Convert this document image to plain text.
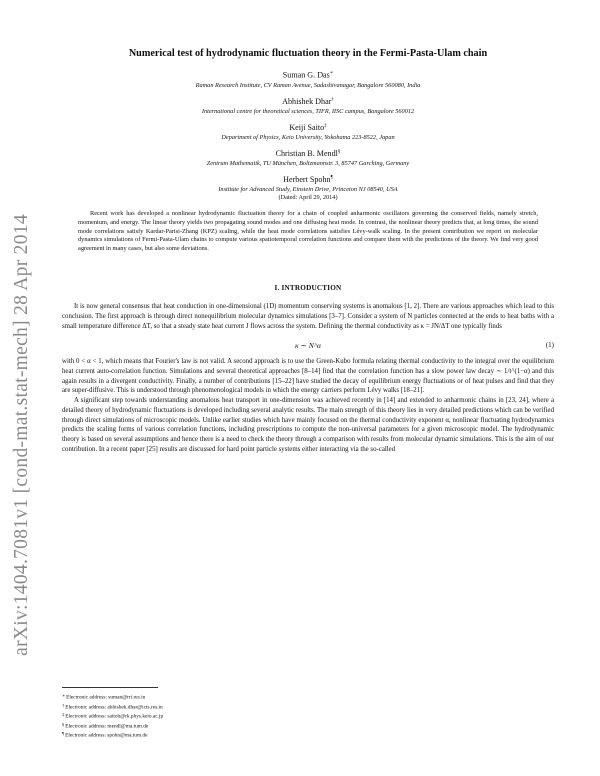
arXiv:1404.7081v1 [cond-mat.stat-mech] 28 Apr 2014
Numerical test of hydrodynamic fluctuation theory in the Fermi-Pasta-Ulam chain
Suman G. Das∗
Raman Research Institute, CV Raman Avenue, Sadashivanagar, Bangalore 560080, India
Abhishek Dhar†
International centre for theoretical sciences, TIFR, IISC campus, Bangalore 560012
Keiji Saito‡
Department of Physics, Keio University, Yokohama 223-8522, Japan
Christian B. Mendl§
Zentrum Mathematik, TU München, Boltzmannstr. 3, 85747 Garching, Germany
Herbert Spohn¶
Institute for Advanced Study, Einstein Drive, Princeton NJ 08540, USA
(Dated: April 29, 2014)

Recent work has developed a nonlinear hydrodynamic fluctuation theory for a chain of coupled anharmonic oscillators governing the conserved fields, namely stretch, momentum, and energy. The linear theory yields two propagating sound modes and one diffusing heat mode. In contrast, the nonlinear theory predicts that, at long times, the sound mode correlations satisfy Kardar-Parisi-Zhang (KPZ) scaling, while the heat mode correlations satisfies Lévy-walk scaling. In the present contribution we report on molecular dynamics simulations of Fermi-Pasta-Ulam chains to compute various spatiotemporal correlation functions and compare them with the predictions of the theory. We find very good agreement in many cases, but also some deviations.

I. INTRODUCTION

It is now general consensus that heat conduction in one-dimensional (1D) momentum conserving systems is anomalous [1, 2]. There are various approaches which lead to this conclusion. The first approach is through direct nonequilibrium molecular dynamics simulations [3–7]. Consider a system of N particles connected at the ends to heat baths with a small temperature difference ΔT, so that a steady state heat current J flows across the system. Defining the thermal conductivity as κ = JN/ΔT one typically finds

κ ∼ N^α	(1)

with 0 < α < 1, which means that Fourier's law is not valid. A second approach is to use the Green-Kubo formula relating thermal conductivity to the integral over the equilibrium heat current auto-correlation function. Simulations and several theoretical approaches [8–14] find that the correlation function has a slow power law decay ∼ 1/t^(1−α) and this again results in a divergent conductivity. Finally, a number of contributions [15–22] have studied the decay of equilibrium energy fluctuations or of heat pulses and find that they are super-diffusive. This is understood through phenomenological models in which the energy carriers perform Lévy walks [18–21].

A significant step towards understanding anomalous heat transport in one-dimension was achieved recently in [14] and extended to anharmonic chains in [23, 24], where a detailed theory of hydrodynamic fluctuations is developed including several analytic results. The main strength of this theory lies in very detailed predictions which can be verified through direct simulations of microscopic models. Unlike earlier studies which have mainly focused on the thermal conductivity exponent α, nonlinear fluctuating hydrodynamics predicts the scaling forms of various correlation functions, including prescriptions to compute the non-universal parameters for a given microscopic model. The hydrodynamic theory is based on several assumptions and hence there is a need to check the theory through a comparison with results from molecular dynamic simulations. This is the aim of our contribution. In a recent paper [25] results are discussed for hard point particle systems either interacting via the so-called

∗Electronic address: suman@rri.res.in

†Electronic address: abhishek.dhar@icts.res.in

‡Electronic address: saitoh@rk.phys.keio.ac.jp

§Electronic address: mendl@ma.tum.de

¶Electronic address: spohn@ma.tum.de
